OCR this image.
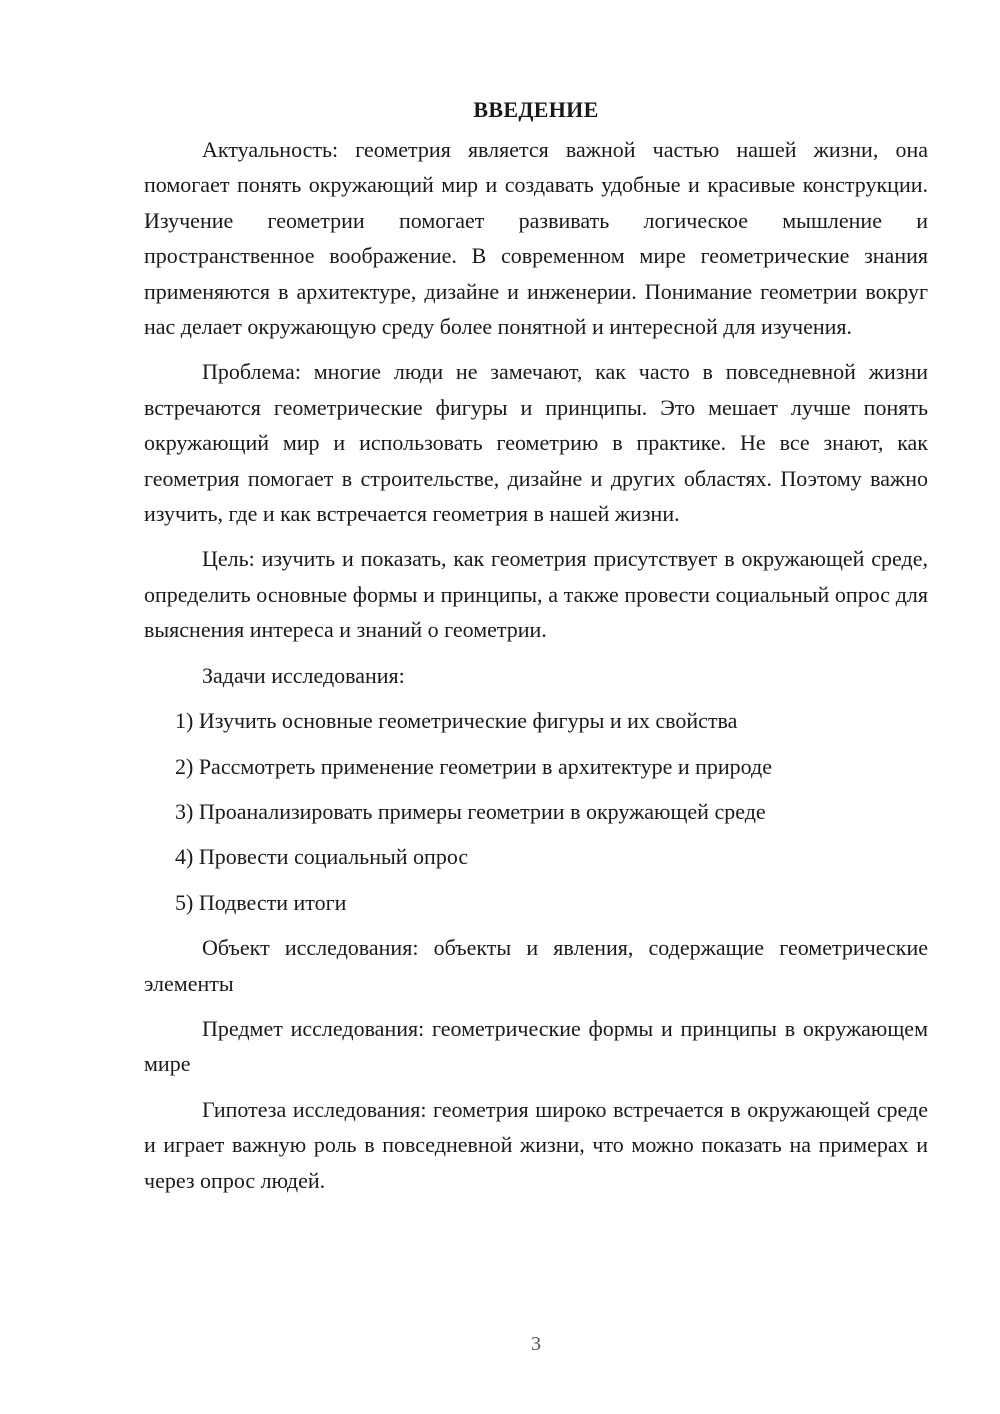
ВВЕДЕНИЕ

Актуальность: геометрия является важной частью нашей жизни, она помогает понять окружающий мир и создавать удобные и красивые конструкции. Изучение геометрии помогает развивать логическое мышление и пространственное воображение. В современном мире геометрические знания применяются в архитектуре, дизайне и инженерии. Понимание геометрии вокруг нас делает окружающую среду более понятной и интересной для изучения.

Проблема: многие люди не замечают, как часто в повседневной жизни встречаются геометрические фигуры и принципы. Это мешает лучше понять окружающий мир и использовать геометрию в практике. Не все знают, как геометрия помогает в строительстве, дизайне и других областях. Поэтому важно изучить, где и как встречается геометрия в нашей жизни.

Цель: изучить и показать, как геометрия присутствует в окружающей среде, определить основные формы и принципы, а также провести социальный опрос для выяснения интереса и знаний о геометрии.

Задачи исследования:

1) Изучить основные геометрические фигуры и их свойства
2) Рассмотреть применение геометрии в архитектуре и природе
3) Проанализировать примеры геометрии в окружающей среде
4) Провести социальный опрос
5) Подвести итоги

Объект исследования: объекты и явления, содержащие геометрические элементы

Предмет исследования: геометрические формы и принципы в окружающем мире

Гипотеза исследования: геометрия широко встречается в окружающей среде и играет важную роль в повседневной жизни, что можно показать на примерах и через опрос людей.

3
